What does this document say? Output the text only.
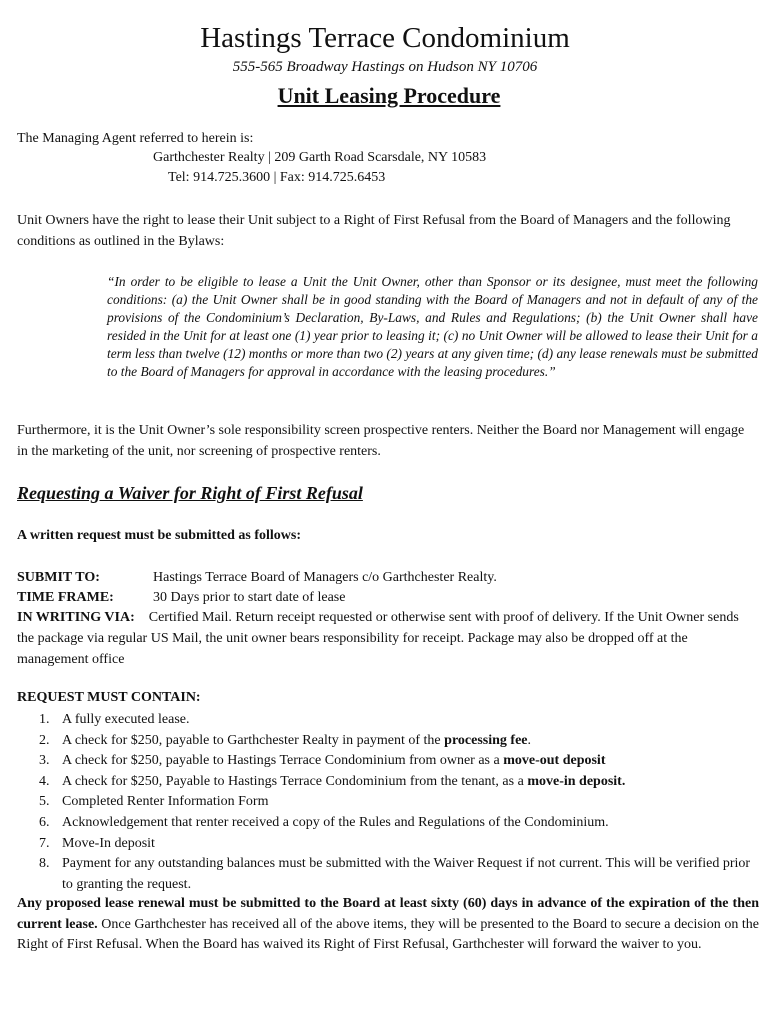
Hastings Terrace Condominium
555-565 Broadway Hastings on Hudson NY 10706
Unit Leasing Procedure
The Managing Agent referred to herein is:
Garthchester Realty | 209 Garth Road Scarsdale, NY 10583
Tel: 914.725.3600 | Fax: 914.725.6453
Unit Owners have the right to lease their Unit subject to a Right of First Refusal from the Board of Managers and the following conditions as outlined in the Bylaws:
“In order to be eligible to lease a Unit the Unit Owner, other than Sponsor or its designee, must meet the following conditions: (a) the Unit Owner shall be in good standing with the Board of Managers and not in default of any of the provisions of the Condominium’s Declaration, By-Laws, and Rules and Regulations; (b) the Unit Owner shall have resided in the Unit for at least one (1) year prior to leasing it; (c) no Unit Owner will be allowed to lease their Unit for a term less than twelve (12) months or more than two (2) years at any given time; (d) any lease renewals must be submitted to the Board of Managers for approval in accordance with the leasing procedures.”
Furthermore, it is the Unit Owner’s sole responsibility screen prospective renters. Neither the Board nor Management will engage in the marketing of the unit, nor screening of prospective renters.
Requesting a Waiver for Right of First Refusal
A written request must be submitted as follows:
SUBMIT TO:	Hastings Terrace Board of Managers c/o Garthchester Realty.
TIME FRAME:	30 Days prior to start date of lease
IN WRITING VIA: Certified Mail. Return receipt requested or otherwise sent with proof of delivery. If the Unit Owner sends the package via regular US Mail, the unit owner bears responsibility for receipt. Package may also be dropped off at the management office
REQUEST MUST CONTAIN:
1. A fully executed lease.
2. A check for $250, payable to Garthchester Realty in payment of the processing fee.
3. A check for $250, payable to Hastings Terrace Condominium from owner as a move-out deposit
4. A check for $250, Payable to Hastings Terrace Condominium from the tenant, as a move-in deposit.
5. Completed Renter Information Form
6. Acknowledgement that renter received a copy of the Rules and Regulations of the Condominium.
7. Move-In deposit
8. Payment for any outstanding balances must be submitted with the Waiver Request if not current. This will be verified prior to granting the request.
Any proposed lease renewal must be submitted to the Board at least sixty (60) days in advance of the expiration of the then current lease. Once Garthchester has received all of the above items, they will be presented to the Board to secure a decision on the Right of First Refusal. When the Board has waived its Right of First Refusal, Garthchester will forward the waiver to you.
